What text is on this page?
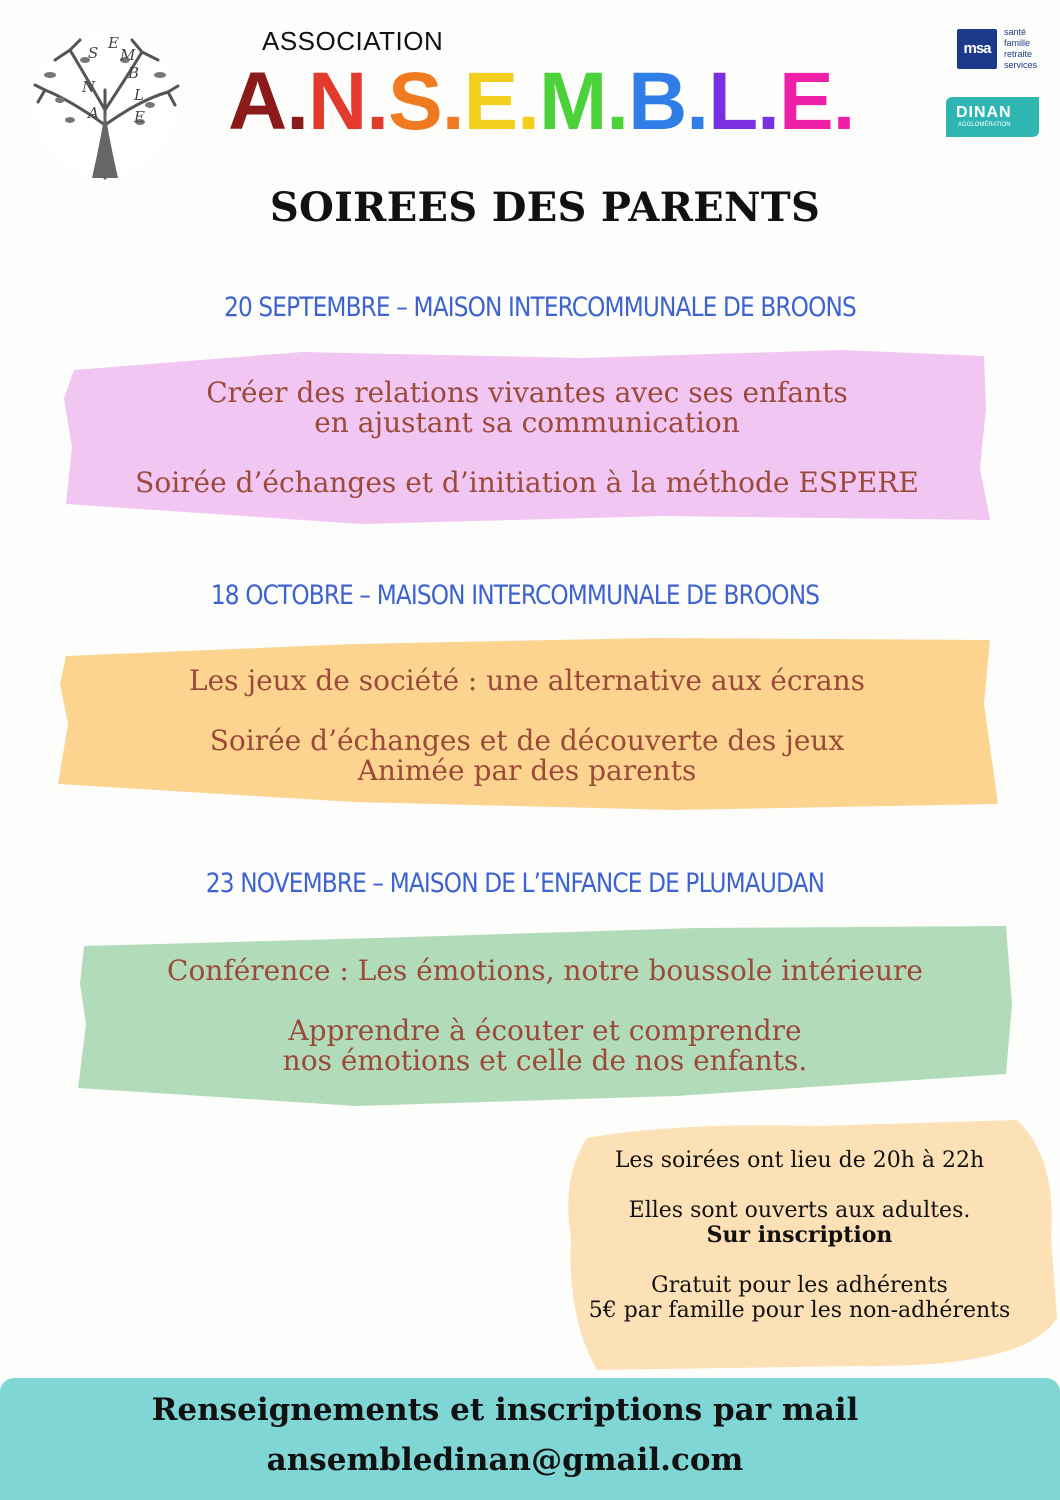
E
S M
B
N	L
A E
ASSOCIATION
A.N.S.E.M.B.L.E.
msa
santé
famille
retraite
services
DINAN
AGGLOMÉRATION
SOIREES DES PARENTS
20 SEPTEMBRE – MAISON INTERCOMMUNALE DE BROONS
Créer des relations vivantes avec ses enfants
en ajustant sa communication
Soirée d’échanges et d’initiation à la méthode ESPERE
18 OCTOBRE – MAISON INTERCOMMUNALE DE BROONS
Les jeux de société : une alternative aux écrans
Soirée d’échanges et de découverte des jeux
Animée par des parents
23 NOVEMBRE – MAISON DE L’ENFANCE DE PLUMAUDAN
Conférence : Les émotions, notre boussole intérieure
Apprendre à écouter et comprendre
nos émotions et celle de nos enfants.
Les soirées ont lieu de 20h à 22h
Elles sont ouverts aux adultes.
Sur inscription
Gratuit pour les adhérents
5€ par famille pour les non-adhérents
Renseignements et inscriptions par mail
ansembledinan@gmail.com
